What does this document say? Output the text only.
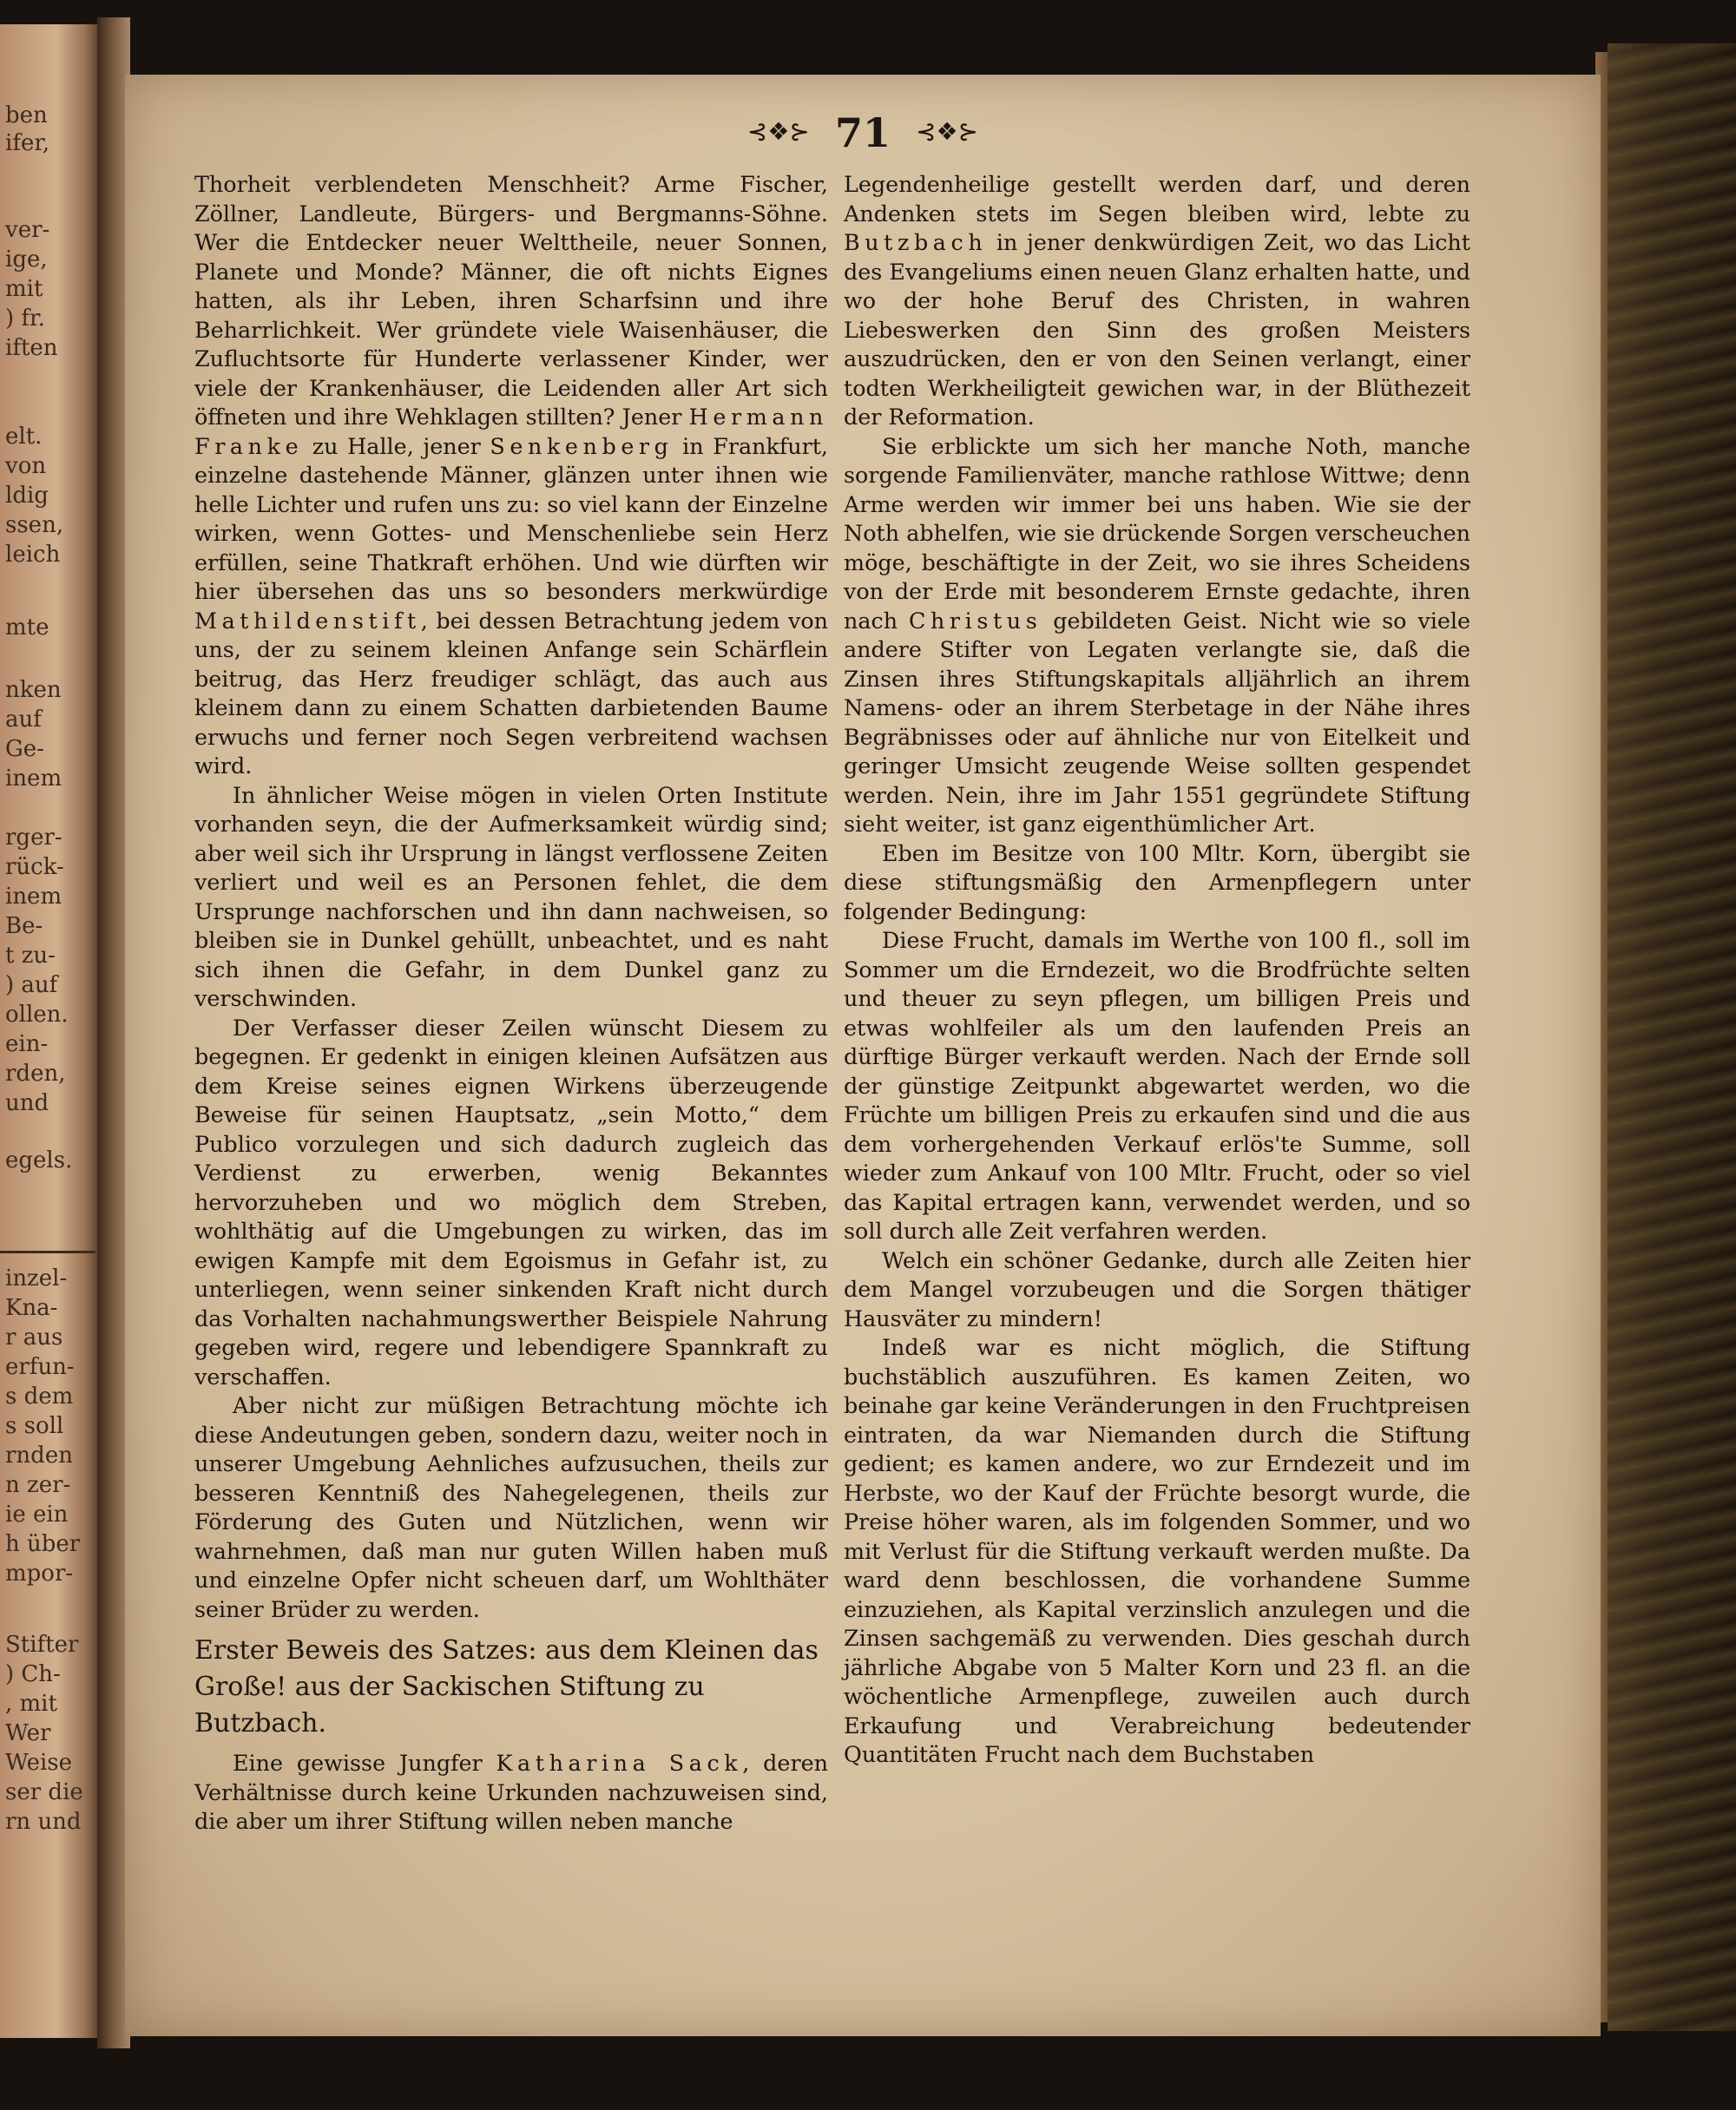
ben
ifer,
ver-
ige,
mit
) fr.
iften
elt.
von
ldig
ssen,
leich
mte
nken
auf
Ge-
inem
rger-
rück-
inem
Be-
t zu-
) auf
ollen.
ein-
rden,
und
egels.
inzel-
Kna-
r aus
erfun-
s dem
s soll
rnden
n zer-
ie ein
h über
mpor-
Stifter
) Ch-
, mit
Wer
Weise
ser die
rn und
⊰❖⊱ 71 ⊰❖⊱

Thorheit verblendeten Menschheit? Arme Fischer, Zöllner, Landleute, Bürgers- und Bergmanns-Söhne. Wer die Entdecker neuer Welttheile, neuer Sonnen, Planete und Monde? Männer, die oft nichts Eignes hatten, als ihr Leben, ihren Scharfsinn und ihre Beharrlichkeit. Wer gründete viele Waisenhäuser, die Zufluchtsorte für Hunderte verlassener Kinder, wer viele der Krankenhäuser, die Leidenden aller Art sich öffneten und ihre Wehklagen stillten? Jener Hermann Franke zu Halle, jener Senkenberg in Frankfurt, einzelne dastehende Männer, glänzen unter ihnen wie helle Lichter und rufen uns zu: so viel kann der Einzelne wirken, wenn Gottes- und Menschenliebe sein Herz erfüllen, seine Thatkraft erhöhen. Und wie dürften wir hier übersehen das uns so besonders merkwürdige Mathildenstift, bei dessen Betrachtung jedem von uns, der zu seinem kleinen Anfange sein Schärflein beitrug, das Herz freudiger schlägt, das auch aus kleinem dann zu einem Schatten darbietenden Baume erwuchs und ferner noch Segen verbreitend wachsen wird.

In ähnlicher Weise mögen in vielen Orten Institute vorhanden seyn, die der Aufmerksamkeit würdig sind; aber weil sich ihr Ursprung in längst verflossene Zeiten verliert und weil es an Personen fehlet, die dem Ursprunge nachforschen und ihn dann nachweisen, so bleiben sie in Dunkel gehüllt, unbeachtet, und es naht sich ihnen die Gefahr, in dem Dunkel ganz zu verschwinden.

Der Verfasser dieser Zeilen wünscht Diesem zu begegnen. Er gedenkt in einigen kleinen Aufsätzen aus dem Kreise seines eignen Wirkens überzeugende Beweise für seinen Hauptsatz, „sein Motto,“ dem Publico vorzulegen und sich dadurch zugleich das Verdienst zu erwerben, wenig Bekanntes hervorzuheben und wo möglich dem Streben, wohlthätig auf die Umgebungen zu wirken, das im ewigen Kampfe mit dem Egoismus in Gefahr ist, zu unterliegen, wenn seiner sinkenden Kraft nicht durch das Vorhalten nachahmungswerther Beispiele Nahrung gegeben wird, regere und lebendigere Spannkraft zu verschaffen.

Aber nicht zur müßigen Betrachtung möchte ich diese Andeutungen geben, sondern dazu, weiter noch in unserer Umgebung Aehnliches aufzusuchen, theils zur besseren Kenntniß des Nahegelegenen, theils zur Förderung des Guten und Nützlichen, wenn wir wahrnehmen, daß man nur guten Willen haben muß und einzelne Opfer nicht scheuen darf, um Wohlthäter seiner Brüder zu werden.

Erster Beweis des Satzes: aus dem Kleinen das Große! aus der Sackischen Stiftung zu Butzbach.

Eine gewisse Jungfer Katharina Sack, deren Verhältnisse durch keine Urkunden nachzuweisen sind, die aber um ihrer Stiftung willen neben manche

Legendenheilige gestellt werden darf, und deren Andenken stets im Segen bleiben wird, lebte zu Butzbach in jener denkwürdigen Zeit, wo das Licht des Evangeliums einen neuen Glanz erhalten hatte, und wo der hohe Beruf des Christen, in wahren Liebeswerken den Sinn des großen Meisters auszudrücken, den er von den Seinen verlangt, einer todten Werkheiligteit gewichen war, in der Blüthezeit der Reformation.

Sie erblickte um sich her manche Noth, manche sorgende Familienväter, manche rathlose Wittwe; denn Arme werden wir immer bei uns haben. Wie sie der Noth abhelfen, wie sie drückende Sorgen verscheuchen möge, beschäftigte in der Zeit, wo sie ihres Scheidens von der Erde mit besonderem Ernste gedachte, ihren nach Christus gebildeten Geist. Nicht wie so viele andere Stifter von Legaten verlangte sie, daß die Zinsen ihres Stiftungskapitals alljährlich an ihrem Namens- oder an ihrem Sterbetage in der Nähe ihres Begräbnisses oder auf ähnliche nur von Eitelkeit und geringer Umsicht zeugende Weise sollten gespendet werden. Nein, ihre im Jahr 1551 gegründete Stiftung sieht weiter, ist ganz eigenthümlicher Art.

Eben im Besitze von 100 Mltr. Korn, übergibt sie diese stiftungsmäßig den Armenpflegern unter folgender Bedingung:

Diese Frucht, damals im Werthe von 100 fl., soll im Sommer um die Erndezeit, wo die Brodfrüchte selten und theuer zu seyn pflegen, um billigen Preis und etwas wohlfeiler als um den laufenden Preis an dürftige Bürger verkauft werden. Nach der Ernde soll der günstige Zeitpunkt abgewartet werden, wo die Früchte um billigen Preis zu erkaufen sind und die aus dem vorhergehenden Verkauf erlös'te Summe, soll wieder zum Ankauf von 100 Mltr. Frucht, oder so viel das Kapital ertragen kann, verwendet werden, und so soll durch alle Zeit verfahren werden.

Welch ein schöner Gedanke, durch alle Zeiten hier dem Mangel vorzubeugen und die Sorgen thätiger Hausväter zu mindern!

Indeß war es nicht möglich, die Stiftung buchstäblich auszuführen. Es kamen Zeiten, wo beinahe gar keine Veränderungen in den Fruchtpreisen eintraten, da war Niemanden durch die Stiftung gedient; es kamen andere, wo zur Erndezeit und im Herbste, wo der Kauf der Früchte besorgt wurde, die Preise höher waren, als im folgenden Sommer, und wo mit Verlust für die Stiftung verkauft werden mußte. Da ward denn beschlossen, die vorhandene Summe einzuziehen, als Kapital verzinslich anzulegen und die Zinsen sachgemäß zu verwenden. Dies geschah durch jährliche Abgabe von 5 Malter Korn und 23 fl. an die wöchentliche Armenpflege, zuweilen auch durch Erkaufung und Verabreichung bedeutender Quantitäten Frucht nach dem Buchstaben
